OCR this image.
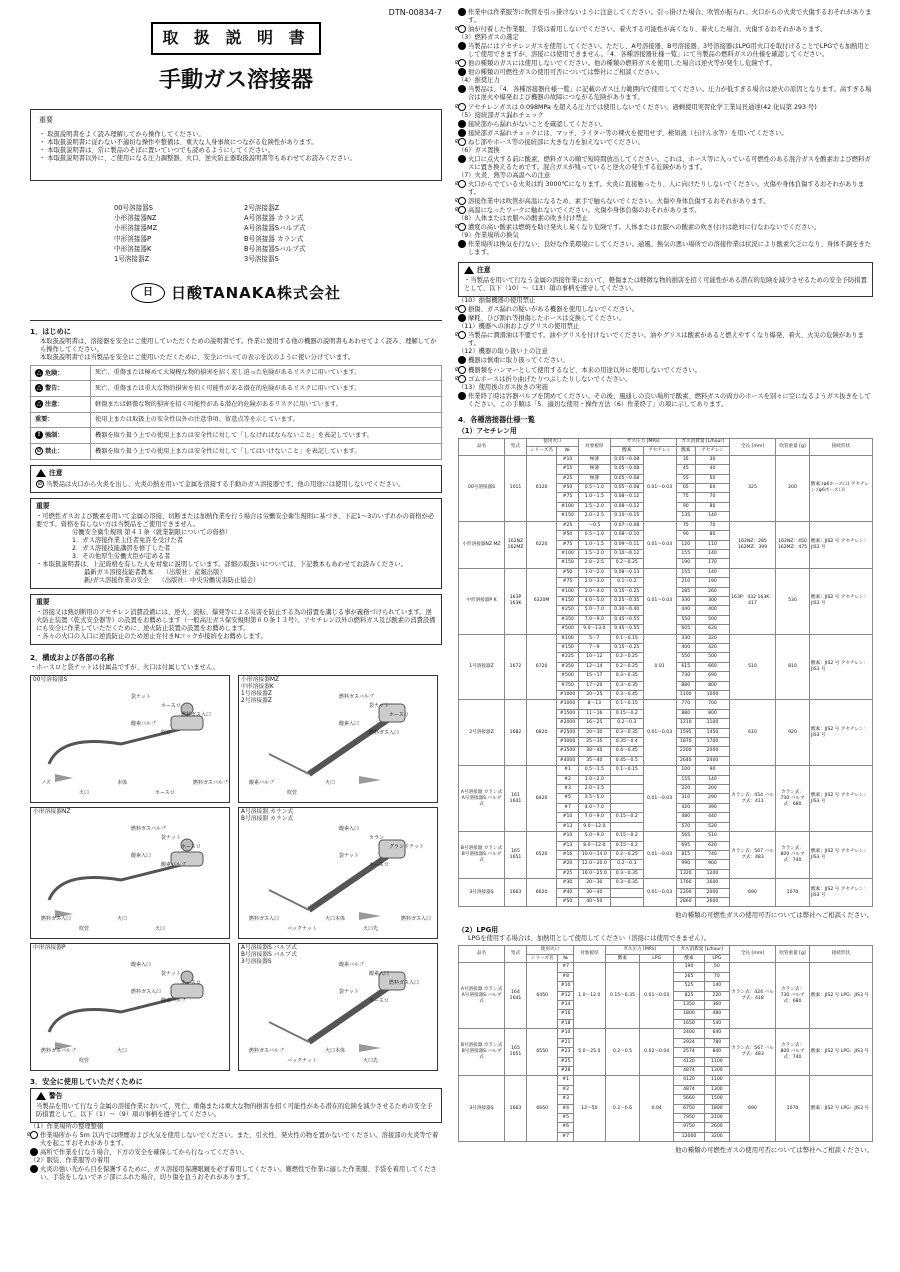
DTN-00834-7
取 扱 説 明 書
手動ガス溶接器
重要
・ 取扱説明書をよく読み理解してから操作してください。
・ 本取扱説明書に従わない不適切な操作や整備は、重大な人身事故につながる危険性があります。
・ 本取扱説明書は、常に製品のそばに置いていつでも読めるようにしてください。
・ 本取扱説明書以外に、ご使用になる圧力調整器、火口、逆火防止器取扱説明書等もあわせてお読みください。
00号溶接器S	2号溶接器Z
小形溶接器NZ	A号溶接器 カラン式
小形溶接器MZ	A号溶接器Sバルブ式
中形溶接器P	B号溶接器 カラン式
中形溶接器K	B号溶接器Sバルブ式
1号溶接器Z	3号溶接器S
日	日酸TANAKA株式会社
1．はじめに
本取扱説明書は、溶接器を安全にご使用していただくための説明書です。作業に使用する他の機器の説明書もあわせてよく読み、理解してから操作してください。
本取扱説明書では当製品を安全にご使用いただくために、安全についての表示を次のように使い分けています。
△ 危険：	死亡、重傷または極めて大規模な物的損害を招く差し迫った危険があるリスクに用いています。
△ 警告：	死亡、重傷または重大な物的損害を招く可能性がある潜在的危険があるリスクに用いています。
△ 注意：	軽傷または軽微な物的損害を招く可能性がある潜在的危険があるリスクに用いています。
重要：	使用上または取扱上の安全性以外の注意事項、留意点等を示しています。
! 強制：	機器を取り扱う上での使用上または安全性に対して「しなければならないこと」を表記しています。
⊘ 禁止：	機器を取り扱う上での使用上または安全性に対して「してはいけないこと」を表記しています。
注意
⊘ 当製品は火口から火炎を出し、火炎の熱を用いて金属を溶接する手動のガス溶接器です。他の用途には使用しないでください。
重要
・可燃性ガスおよび酸素を用いて金属の溶接、切断または加熱作業を行う場合は労働安全衛生規則に基づき、下記1～3のいずれかの資格が必要です。資格を有しない方は当製品をご使用できません。
労働安全衛生規則 第４１条（就業制限についての資格）
1．ガス溶接作業主任者免許を受けた者
2．ガス溶接技能講習を修了した者
3．その他厚生労働大臣が定める者
・本取扱説明書は、上記資格を有した人を対象に説明しています。詳細の取扱いについては、下記教本もあわせてお読みください。
最新ガス溶接技能者教本　　（出版社：産報出版）
新/ガス溶接作業の安全　　（出版社：中央労働災害防止協会）
重要
・溶接又は熱切断用のアセチレン消費設備には、逆火、流転、爆発等による災害を防止する為の措置を講じる事が義務づけられています。逆火防止装置（乾式安全器等）の設置をお薦めします（一般高圧ガス保安規則第６０条１３号）。アセチレン以外の燃料ガス及び酸素の消費設備にも安全に作業していただくために、逆火防止装置の設置をお薦めします。
・各々の火口の入口に逆流防止のため逆止弁付きNコックが接続をお薦めします。
2．構成および各部の名称
・ホースロと袋ナットは付属品ですが、火口は付属していません。
00号溶接器S
袋ナット
ホースロ
燃料ガス入口
酸素バルブ
吹管
ノズ
火口
本体
ホースロ
燃料ガスバルブ
小形溶接器MZ
中形溶接器K
1号溶接器Z
2号溶接器Z
燃料ガスバルブ
袋ナット
ホースロ
酸素入口
燃料ガス入口
酸素バルブ
吹管
火口
小形溶接器NZ
燃料ガスバルブ
袋ナット
ホースロ
酸素入口
酸素バルブ
燃料ガス入口
吹管
火口
火口
A号溶接器 カラン式
B号溶接器 カラン式
酸素入口
カラン
グランドナット
袋ナット
ホースロ
燃料ガス入口
バックナット
火口本体
火口先
燃料ガス入口
中形溶接器P
酸素入口
袋ナット
ホースロ
燃料ガス入口
酸素バルブ
燃料ガスバルブ
吹管
火口
A号溶接器S バルブ式
B号溶接器S バルブ式
3号溶接器S
酸素バルブ
酸素入口
燃料ガス入口
袋ナット
ホースロ
燃料ガスバルブ
バックナット
火口本体
火口先
3．安全に使用していただくために
警告
当製品を用いて行なう金属の溶接作業において、死亡、重傷または重大な物的損害を招く可能性がある潜在的危険を減少させるための安全予防措置として、以下（1）～（9）項の事柄を遵守してください。
（1）作業場所の整理整頓
⊘ 作業場所から 5m 以内では喫煙および火気を使用しないでください。また、引火性、発火性の物を置かないでください。溶接部の火炎等で着火を起こすおそれがあります。
! 高所で作業を行なう場合、下方の安全を確保してから行なってください。
（2）服装、作業服等の着用
! 火炎の強い光から目を保護するために、ガス溶接用保護眼鏡を必ず着用してください。難燃性で作業に適した作業服、手袋を着用してください。手袋をしないでネジ部にふれた場合、切り傷を負うおそれがあります。
! 作業中は作業服等に吹管を引っ掛けないように注意してください。引っ掛けた場合、吹管が振られ、火口からの火炎で火傷するおそれがあります。
⊘ 油が付着した作業服、手袋は着用しないでください。着火する可能性が高くなり、着火した場合、火傷するおそれがあります。
（3）燃料ガスの選定
! 当製品にはアセチレンガスを使用してください。ただし、A号溶接器、B号溶接器、3号溶接器はLPG用火口を取付けることでLPGでも加熱用として使用できますが、溶接には使用できません。「4．各種溶接器仕様一覧」にて当製品の燃料ガスの仕様を確認してください。
⊘ 他の種類のガスには使用しないでください。他の種類の燃料ガスを使用した場合は逆火等が発生し危険です。
! 他の種類の可燃性ガスの使用可否については弊社にご相談ください。
（4）推奨圧力
! 当製品は、「4．各種溶接器仕様一覧」に記載のガス圧力範囲内で使用してください。圧力が低すぎる場合は逆火の原因となります。高すぎる場合は逆火や爆発および機器の故障につながる危険があります。
⊘ アセチレンガスは 0.098MPa を超える圧力では使用しないでください。過剰使用実習化学工業局長通達(42 化局第 293 号)
（5）接続部ガス漏れチェック
! 接続部から漏れがないことを確認してください。
! 接続部ガス漏れチェックには、マッチ、ライター等の裸火を使用せず、検知液（石けん水等）を用いてください。
⊘ ねじ部やホース等の接続部に大きな力を加えないでください。
（6）ガス置換
! 火口に点火する前に酸素、燃料ガスの順で短時間放出してください。これは、ホース等に入っている可燃性のある混合ガスを酸素および燃料ガスに置き換えるためです。混合ガスが残っていると逆火の発生する危険があります。
（7）火炎、熱等の高温への注意
⊘ 火口からでている火炎は約 3000℃になります。火炎に直接触ったり、人に向けたりしないでください。火傷や身体負傷するおそれがあります。
⊘ 溶接作業中は吹管が高温になるため、素手で触らないでください。火傷や身体負傷するおそれがあります。
⊘ 高温になったワークに触れないでください。火傷や身体負傷のおそれがあります。
（8）人体または衣服への酸素の吹き付け禁止
⊘ 濃度の高い酸素は燃焼を助け発火し易くなり危険です。人体または衣服への酸素の吹き付けは絶対に行なわないでください。
（9）作業場所の換気
! 作業場所は換気を行ない、良好な作業環境にしてください。通風、換気の悪い場所での溶接作業は状況により酸素欠乏になり、身体不調をきたします。
注意
・当製品を用いて行なう金属の溶接作業において、軽傷または軽微な物的損害を招く可能性がある潜在的危険を減少させるための安全予防措置として、以下（10）～（13）項の事柄を遵守してください。
（10）損傷機器の使用禁止
⊘ 損傷、ガス漏れの疑いがある機器を使用しないでください。
! 摩耗、ひび割れ等損傷したホースは交換してください。
（11）機器への油およびグリスの使用禁止
⊘ 当製品に潤滑油は不要です。油やグリスを付けないでください。油やグリスは酸素があると燃えやすくなり爆発、着火、火災の危険があります。
（12）機器の取り扱い上の注意
! 機器は慎重に取り扱ってください。
⊘ 機器類をハンマーとして使用するなど、本来の用途以外に使用しないでください。
⊘ ゴムホースは折り曲げたりつぶしたりしないでください。
（13）使用後のガス抜きの実施
! 作業終了時は容器バルブを閉めてください。その後、風通しの良い場所で酸素、燃料ガスの両方のホースを別々に空になるようガス抜きをしてください。この手順は「5．適切な使用・操作方法（6）作業終了」の項に示してあります。
4．各種溶接器仕様一覧
（1）アセチレン用
品名	型式	使用火口		対象板厚	ガス圧力 [MPa]		ガス消費量 [L/hour]		全長 [mm]	吹管重量 [g]	接続形状
		シリーズ名	№		酸素	アセチレン	酸素	アセチレン			
00号溶接器S	1011	6120	#10	極薄	0.05～0.08	0.01～0.03	35	30	325	200	酸素:(φ6ホース口) アセチレン:(φ6ホース口)
			#15	極薄	0.05～0.08		45	40			
			#25	極薄	0.05～0.08		55	50			
			#50	0.5～1.0	0.05～0.08		65	60			
			#75	1.0～1.5	0.08～0.12		75	70			
			#100	1.5～2.0	0.08～0.12		90	80			
			#150	2.0～2.5	0.10～0.15		135	140			
小形溶接器NZ MZ	162NZ 162MZ	6220	#25	～0.5	0.07～0.08	0.01～0.03	75	70	162NZ：285 162MZ：399	162NZ：450 162MZ：475	酸素：JIS2 号 アセチレン：JIS3 号
			#50	0.5～1.0	0.08～0.10		90	80			
			#75	1.0～1.5	0.09～0.11		120	110			
			#100	1.5～2.0	0.10～0.12		155	140			
			#150	2.0～2.5	0.2～0.25		190	170			
中形溶接器P K	163P 163K	6320M	#50	1.0～2.0	0.08～0.13	0.01～0.03	155	140	163P：432 163K：417	530	酸素：JIS2 号 アセチレン：JIS3 号
			#75	2.0～3.0	0.1～0.2		210	190			
			#100	3.0～4.0	0.15～0.25		285	260			
			#150	4.0～5.0	0.25～0.35		330	300			
			#250	5.0～7.0	0.30～0.40		440	400			
			#350	7.0～9.0	0.45～0.55		550	500			
			#500	9.0～13.0	0.45～0.55		605	620			
1号溶接器Z	1672	6720	#100	5～7	0.1～0.15	0.01	330	320	510	810	酸素：JIS2 号 アセチレン：JIS3 号
			#150	7～9	0.15～0.25		400	420			
			#225	10～12	0.2～0.25		550	500			
			#350	12～14	0.2～0.25		615	660			
			#500	15～17	0.3～0.35		730	690			
			#750	17～20	0.3～0.35		880	800			
			#1000	20～25	0.3～0.45		1100	1000			
2号溶接器Z	1682	6820	#1000	8～13	0.1～0.15	0.01～0.03	770	700	610	920	酸素：JIS2 号 アセチレン：JIS3 号
			#1500	11～16	0.15～0.2		880	800			
			#2000	16～25	0.2～0.3		1210	1100			
			#2500	20～30	0.3～0.35		1595	1450			
			#3000	25～35	0.35～0.4		1870	1700			
			#3500	30～40	0.4～0.45		2200	2000			
			#4000	35～40	0.45～0.5		2640	2400			
A号溶接器 カラン式 A号溶接器S バルブ式	161 1641	6420	#1	0.5～1.5	0.1～0.15	0.01～0.03	100	90	カラン式：454 バルブ式：411	カラン式：730 バルブ式：680	酸素：JIS2 号 アセチレン：JIS3 号
			#2	1.0～2.0			155	140			
			#3	2.0～3.5			220	200			
			#5	3.5～5.0			310	290			
			#7	4.0～7.0			420	390			
			#10	7.0～9.0	0.15～0.2		480	440			
			#13	9.0～12.0			570	520			
B号溶接器 カラン式 B号溶接器S バルブ式	165 1651	6520	#10	5.0～9.0	0.15～0.2	0.01～0.03	565	510	カラン式：567 バルブ式：483	カラン式：800 バルブ式：740	酸素：JIS2 号 アセチレン：JIS3 号
			#13	8.0～12.0	0.15～0.2		695	620			
			#16	10.0～14.0	0.2～0.25		815	740			
			#20	12.0～20.0	0.2～0.3		990	900			
			#25	16.0～25.0	0.3～0.35		1320	1200			
3号溶接器S	1663	6620	#30	20～30	0.3～0.35	0.01～0.03	1760	1600	690	1070	酸素：JIS2 号 アセチレン：JIS3 号
			#40	30～40			2200	2000			
			#50	40～50			2860	2600			
他の種類の可燃性ガスの使用可否については弊社へご相談ください。
（2）LPG用
LPGを使用する場合は、加熱用として使用してください（溶接には使用できません）。
品名	型式	使用火口		対象板厚	ガス圧力 [MPa]		ガス消費量 [L/hour]		全長 [mm]	吹管重量 [g]	接続形状
		シリーズ名	№		酸素	LPG	酸素	LPG			
A号溶接器 カラン式 A号溶接器S バルブ式	164 1641	6450	#7	1.0～12.0	0.15～0.35	0.01～0.03	190	50	カラン式：424 バルブ式：418	カラン式：730 バルブ式：680	酸素：JIS2 号 LPG：JIS3 号
			#8				265	70			
			#10				525	140			
			#12				825	220			
			#14				1350	360			
			#16				1800	480			
			#18				1650	540			
B号溶接器 カラン式 B号溶接器S バルブ式	165 1651	6550	#10	5.0～25.0	0.2～0.5	0.02～0.04	2400	640	カラン式：567 バルブ式：483	カラン式：800 バルブ式：740	酸素：JIS2 号 LPG：JIS3 号
			#21				2924	780			
			#23				2574	840			
			#25				4120	1100			
			#28				4874	1300			
3号溶接器S	1663	6650	#1	12～50	0.2～0.6	0.04	4120	1100	690	1070	酸素：JIS2 号 LPG：JIS3 号
			#2				4874	1300			
			#3				5660	1500			
			#4				6750	1800			
			#5				7950	2100			
			#6				9750	2600			
			#7				12000	3200			
他の種類の可燃性ガスの使用可否については弊社へご相談ください。
